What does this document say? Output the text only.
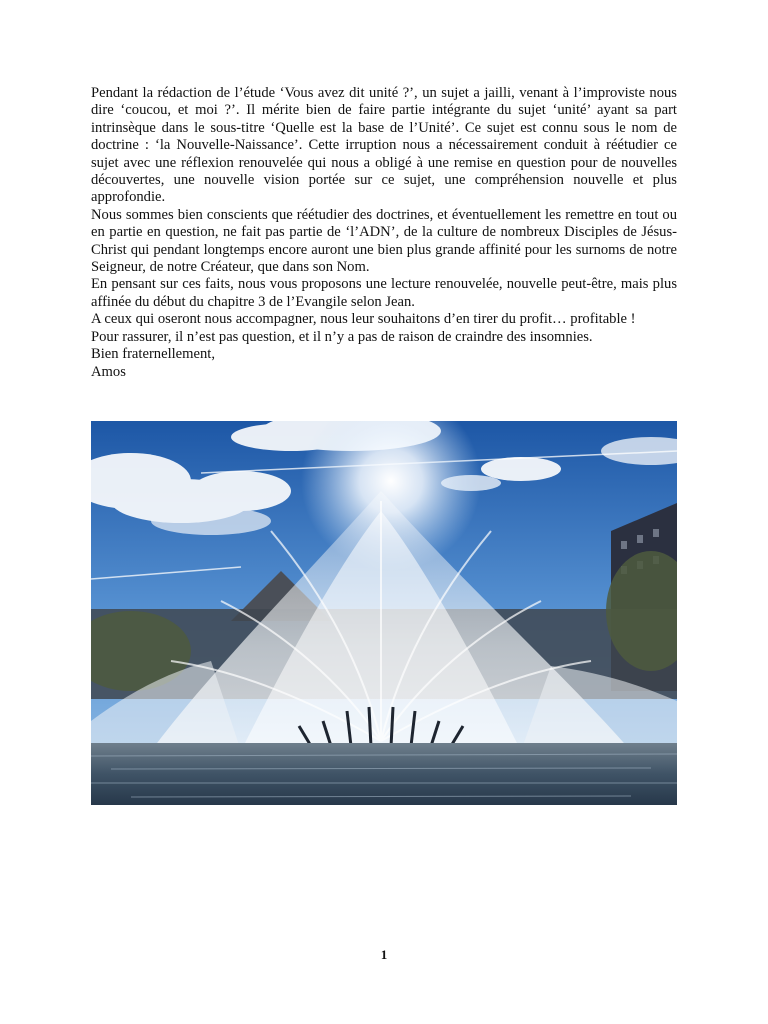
Pendant la rédaction de l’étude ‘Vous avez dit unité ?’, un sujet a jailli, venant à l’improviste nous dire ‘coucou, et moi ?’. Il mérite bien de faire partie intégrante du sujet ‘unité’ ayant sa part intrinsèque dans le sous-titre ‘Quelle est la base de l’Unité’. Ce sujet est connu sous le nom de doctrine : ‘la Nouvelle-Naissance’. Cette irruption nous a nécessairement conduit à réétudier ce sujet avec une réflexion renouvelée qui nous a obligé à une remise en question pour de nouvelles découvertes, une nouvelle vision portée sur ce sujet, une compréhension nouvelle et plus approfondie.

Nous sommes bien conscients que réétudier des doctrines, et éventuellement les remettre en tout ou en partie en question, ne fait pas partie de ‘l’ADN’, de la culture de nombreux Disciples de Jésus-Christ qui pendant longtemps encore auront une bien plus grande affinité pour les surnoms de notre Seigneur, de notre Créateur, que dans son Nom.

En pensant sur ces faits, nous vous proposons une lecture renouvelée, nouvelle peut-être, mais plus affinée du début du chapitre 3 de l’Evangile selon Jean.

A ceux qui oseront nous accompagner, nous leur souhaitons d’en tirer du profit… profitable !

Pour rassurer, il n’est pas question, et il n’y a pas de raison de craindre des insomnies.

Bien fraternellement,

Amos

1
